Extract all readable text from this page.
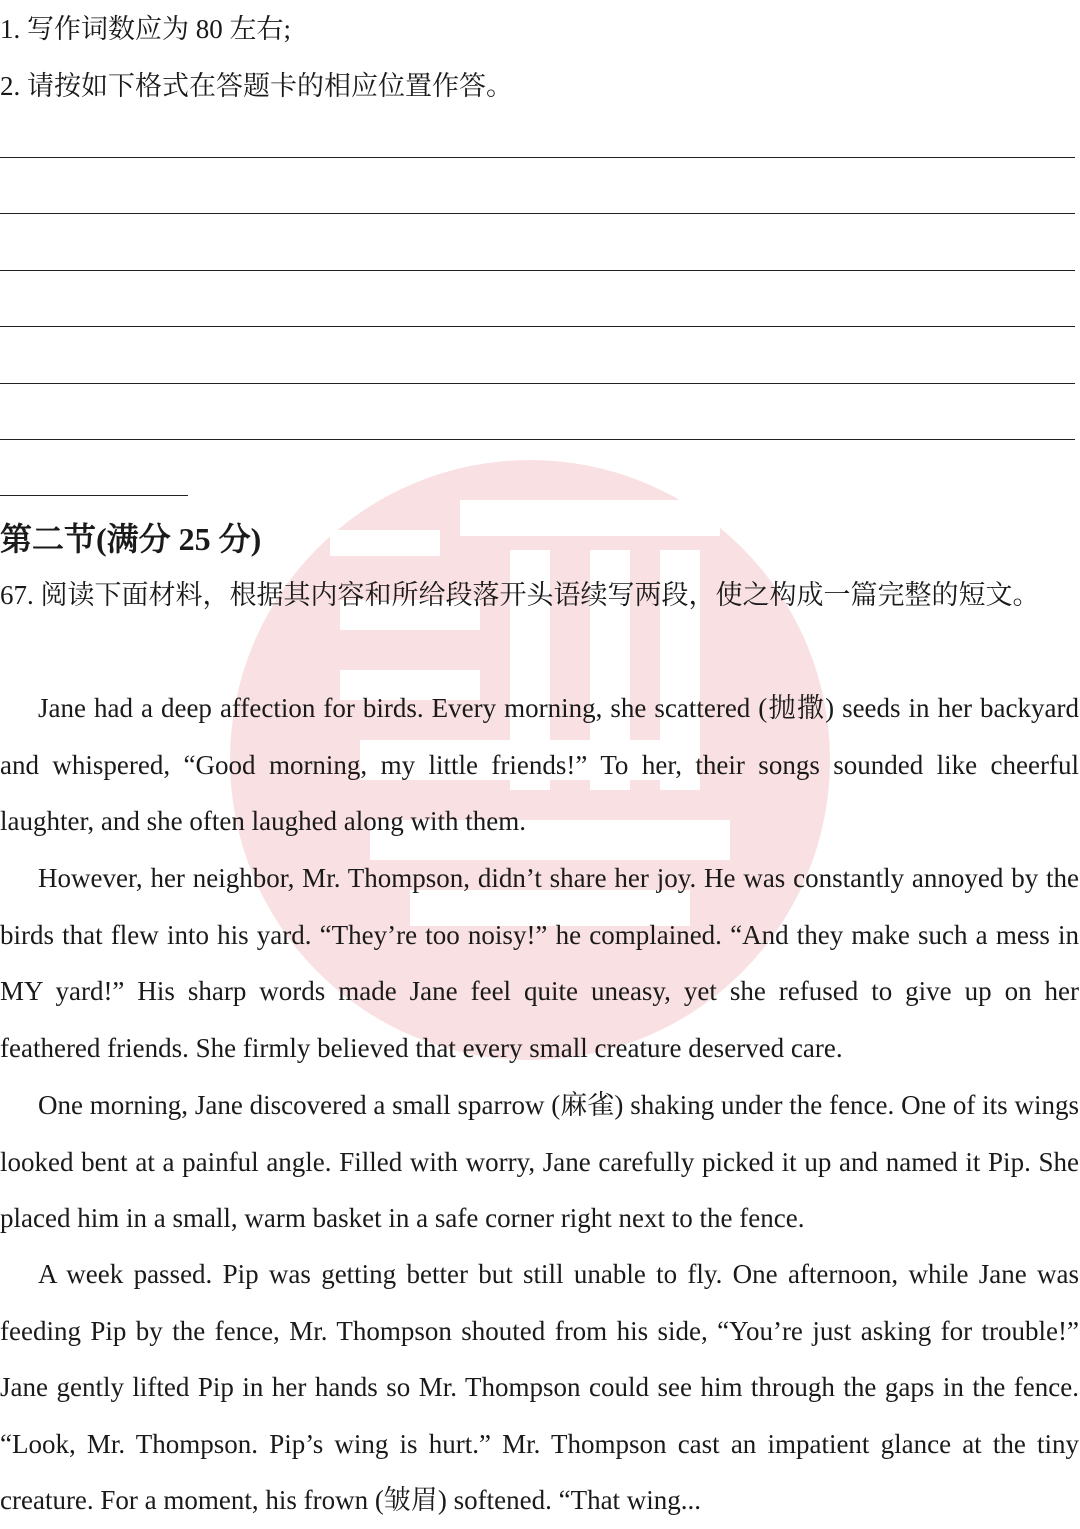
1. 写作词数应为 80 左右;
2. 请按如下格式在答题卡的相应位置作答。
第二节(满分 25 分)
67. 阅读下面材料，根据其内容和所给段落开头语续写两段，使之构成一篇完整的短文。
Jane had a deep affection for birds. Every morning, she scattered (抛撒) seeds in her backyard and whispered, “Good morning, my little friends!” To her, their songs sounded like cheerful laughter, and she often laughed along with them.
However, her neighbor, Mr. Thompson, didn’t share her joy. He was constantly annoyed by the birds that flew into his yard. “They’re too noisy!” he complained. “And they make such a mess in MY yard!” His sharp words made Jane feel quite uneasy, yet she refused to give up on her feathered friends. She firmly believed that every small creature deserved care.
One morning, Jane discovered a small sparrow (麻雀) shaking under the fence. One of its wings looked bent at a painful angle. Filled with worry, Jane carefully picked it up and named it Pip. She placed him in a small, warm basket in a safe corner right next to the fence.
A week passed. Pip was getting better but still unable to fly. One afternoon, while Jane was feeding Pip by the fence, Mr. Thompson shouted from his side, “You’re just asking for trouble!” Jane gently lifted Pip in her hands so Mr. Thompson could see him through the gaps in the fence. “Look, Mr. Thompson. Pip’s wing is hurt.” Mr. Thompson cast an impatient glance at the tiny creature. For a moment, his frown (皱眉) softened. “That wing...
